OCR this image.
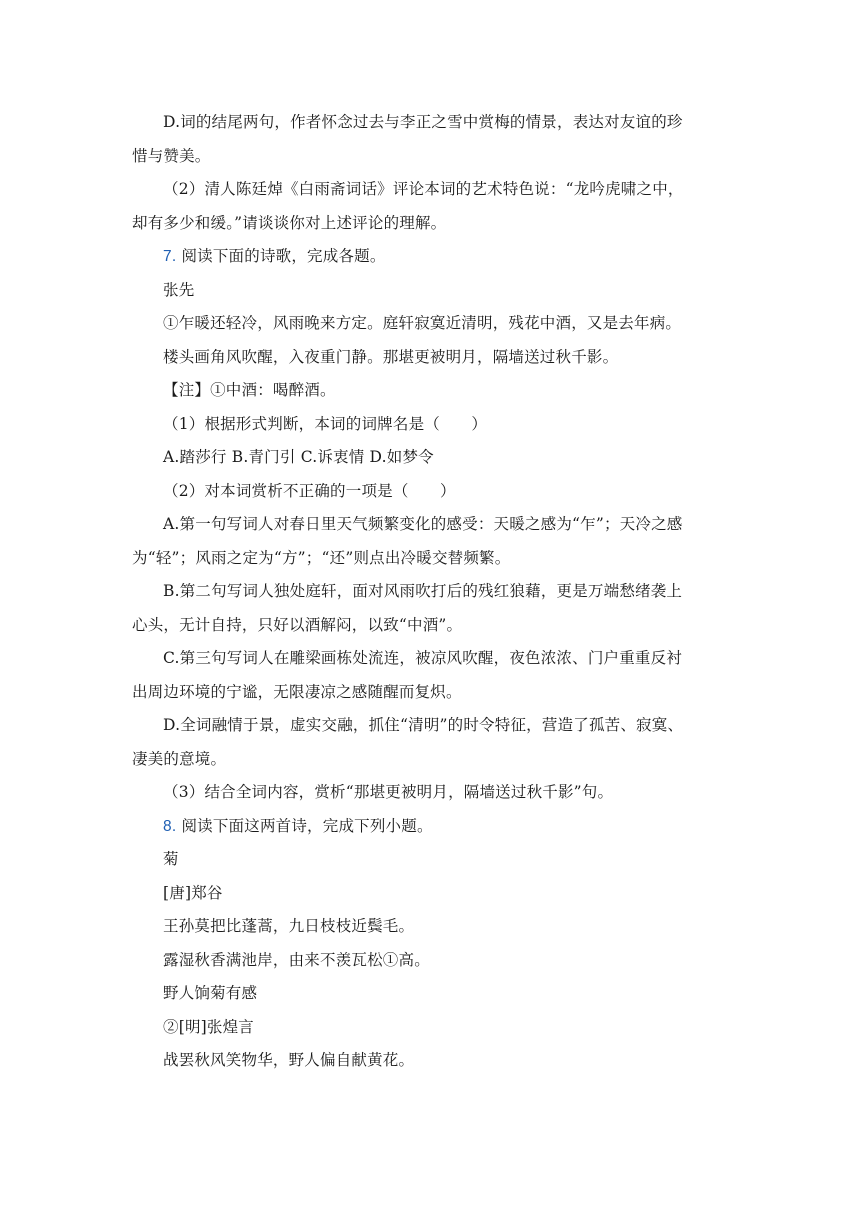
D.词的结尾两句，作者怀念过去与李正之雪中赏梅的情景，表达对友谊的珍
惜与赞美。
（2）清人陈廷焯《白雨斋词话》评论本词的艺术特色说：“龙吟虎啸之中，
却有多少和缓。”请谈谈你对上述评论的理解。
7. 阅读下面的诗歌，完成各题。
张先
①乍暖还轻冷，风雨晚来方定。庭轩寂寞近清明，残花中酒，又是去年病。
楼头画角风吹醒，入夜重门静。那堪更被明月，隔墙送过秋千影。
【注】①中酒：喝醉酒。
（1）根据形式判断，本词的词牌名是（　　）
A.踏莎行 B.青门引 C.诉衷情 D.如梦令
（2）对本词赏析不正确的一项是（　　）
A.第一句写词人对春日里天气频繁变化的感受：天暖之感为“乍”；天冷之感
为“轻”；风雨之定为“方”；“还”则点出冷暖交替频繁。
B.第二句写词人独处庭轩，面对风雨吹打后的残红狼藉，更是万端愁绪袭上
心头，无计自持，只好以酒解闷，以致“中酒”。
C.第三句写词人在雕梁画栋处流连，被凉风吹醒，夜色浓浓、门户重重反衬
出周边环境的宁谧，无限凄凉之感随醒而复炽。
D.全词融情于景，虚实交融，抓住“清明”的时令特征，营造了孤苦、寂寞、
凄美的意境。
（3）结合全词内容，赏析“那堪更被明月，隔墙送过秋千影”句。
8. 阅读下面这两首诗，完成下列小题。
菊
[唐]郑谷
王孙莫把比蓬蒿，九日枝枝近鬓毛。
露湿秋香满池岸，由来不羡瓦松①高。
野人饷菊有感
②[明]张煌言
战罢秋风笑物华，野人偏自献黄花。
